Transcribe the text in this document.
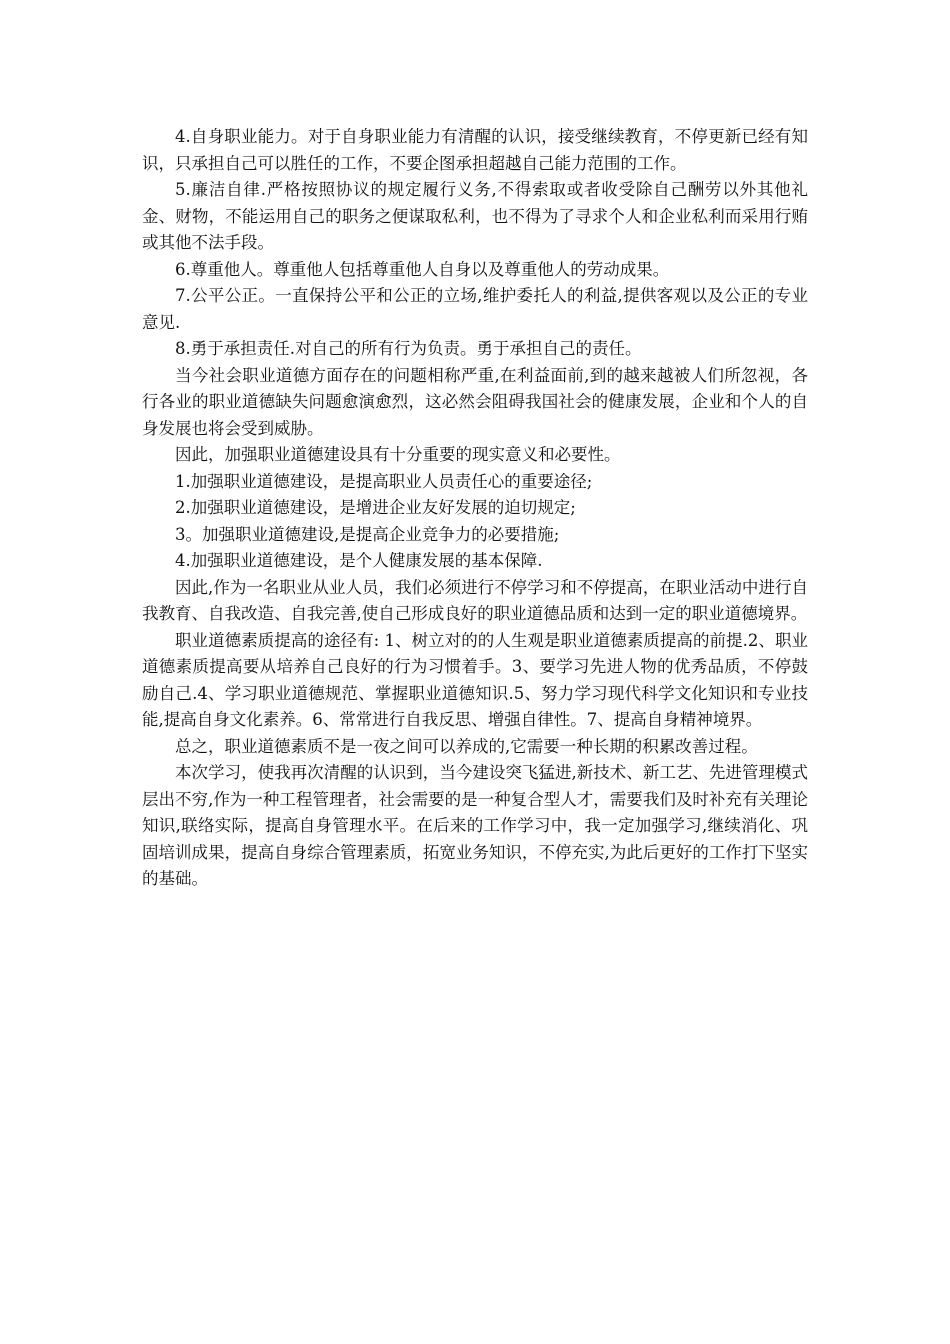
4.自身职业能力。对于自身职业能力有清醒的认识，接受继续教育，不停更新已经有知识，只承担自己可以胜任的工作，不要企图承担超越自己能力范围的工作。

5.廉洁自律.严格按照协议的规定履行义务,不得索取或者收受除自己酬劳以外其他礼金、财物，不能运用自己的职务之便谋取私利，也不得为了寻求个人和企业私利而采用行贿或其他不法手段。

6.尊重他人。尊重他人包括尊重他人自身以及尊重他人的劳动成果。

7.公平公正。一直保持公平和公正的立场,维护委托人的利益,提供客观以及公正的专业意见.

8.勇于承担责任.对自己的所有行为负责。勇于承担自己的责任。

当今社会职业道德方面存在的问题相称严重,在利益面前,到的越来越被人们所忽视，各行各业的职业道德缺失问题愈演愈烈，这必然会阻碍我国社会的健康发展，企业和个人的自身发展也将会受到威胁。

因此，加强职业道德建设具有十分重要的现实意义和必要性。

1.加强职业道德建设，是提高职业人员责任心的重要途径;

2.加强职业道德建设，是增进企业友好发展的迫切规定;

3。加强职业道德建设,是提高企业竞争力的必要措施;

4.加强职业道德建设，是个人健康发展的基本保障.

因此,作为一名职业从业人员，我们必须进行不停学习和不停提高，在职业活动中进行自我教育、自我改造、自我完善,使自己形成良好的职业道德品质和达到一定的职业道德境界。

职业道德素质提高的途径有: 1、树立对的的人生观是职业道德素质提高的前提.2、职业道德素质提高要从培养自己良好的行为习惯着手。3、要学习先进人物的优秀品质，不停鼓励自己.4、学习职业道德规范、掌握职业道德知识.5、努力学习现代科学文化知识和专业技能,提高自身文化素养。6、常常进行自我反思、增强自律性。7、提高自身精神境界。

总之，职业道德素质不是一夜之间可以养成的,它需要一种长期的积累改善过程。

本次学习，使我再次清醒的认识到，当今建设突飞猛进,新技术、新工艺、先进管理模式层出不穷,作为一种工程管理者，社会需要的是一种复合型人才，需要我们及时补充有关理论知识,联络实际，提高自身管理水平。在后来的工作学习中，我一定加强学习,继续消化、巩固培训成果，提高自身综合管理素质，拓宽业务知识，不停充实,为此后更好的工作打下坚实的基础。
